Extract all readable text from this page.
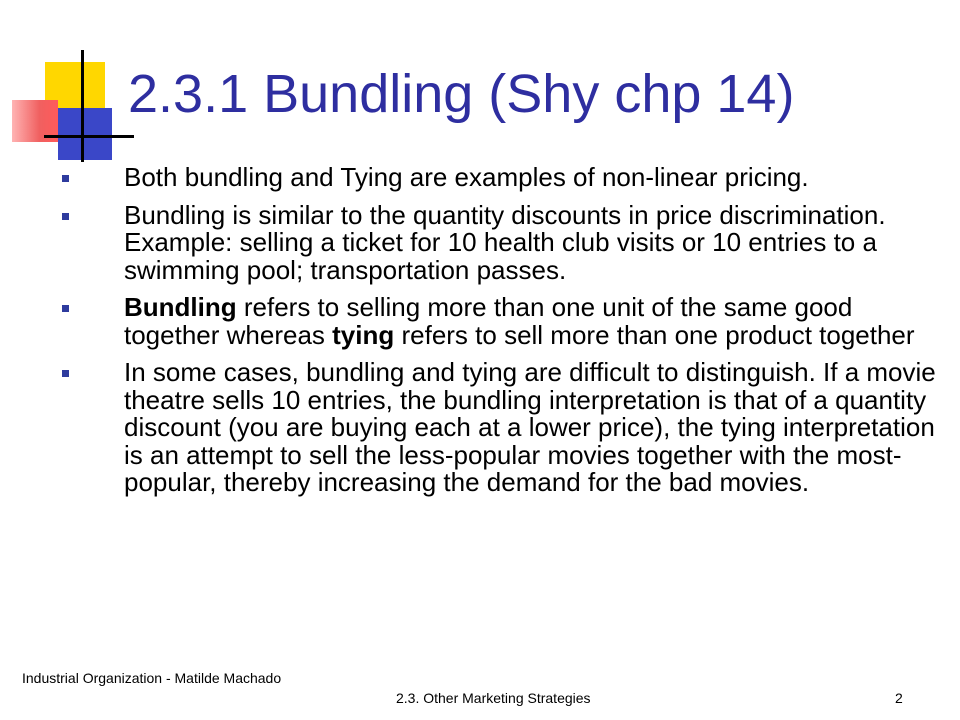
2.3.1 Bundling (Shy chp 14)
Both bundling and Tying are examples of non-linear pricing.
Bundling is similar to the quantity discounts in price discrimination. Example: selling a ticket for 10 health club visits or 10 entries to a swimming pool; transportation passes.
Bundling refers to selling more than one unit of the same good together whereas tying refers to sell more than one product together
In some cases, bundling and tying are difficult to distinguish. If a movie theatre sells 10 entries, the bundling interpretation is that of a quantity discount (you are buying each at a lower price), the tying interpretation is an attempt to sell the less-popular movies together with the most-popular, thereby increasing the demand for the bad movies.
Industrial Organization - Matilde Machado
2.3. Other Marketing Strategies	2
